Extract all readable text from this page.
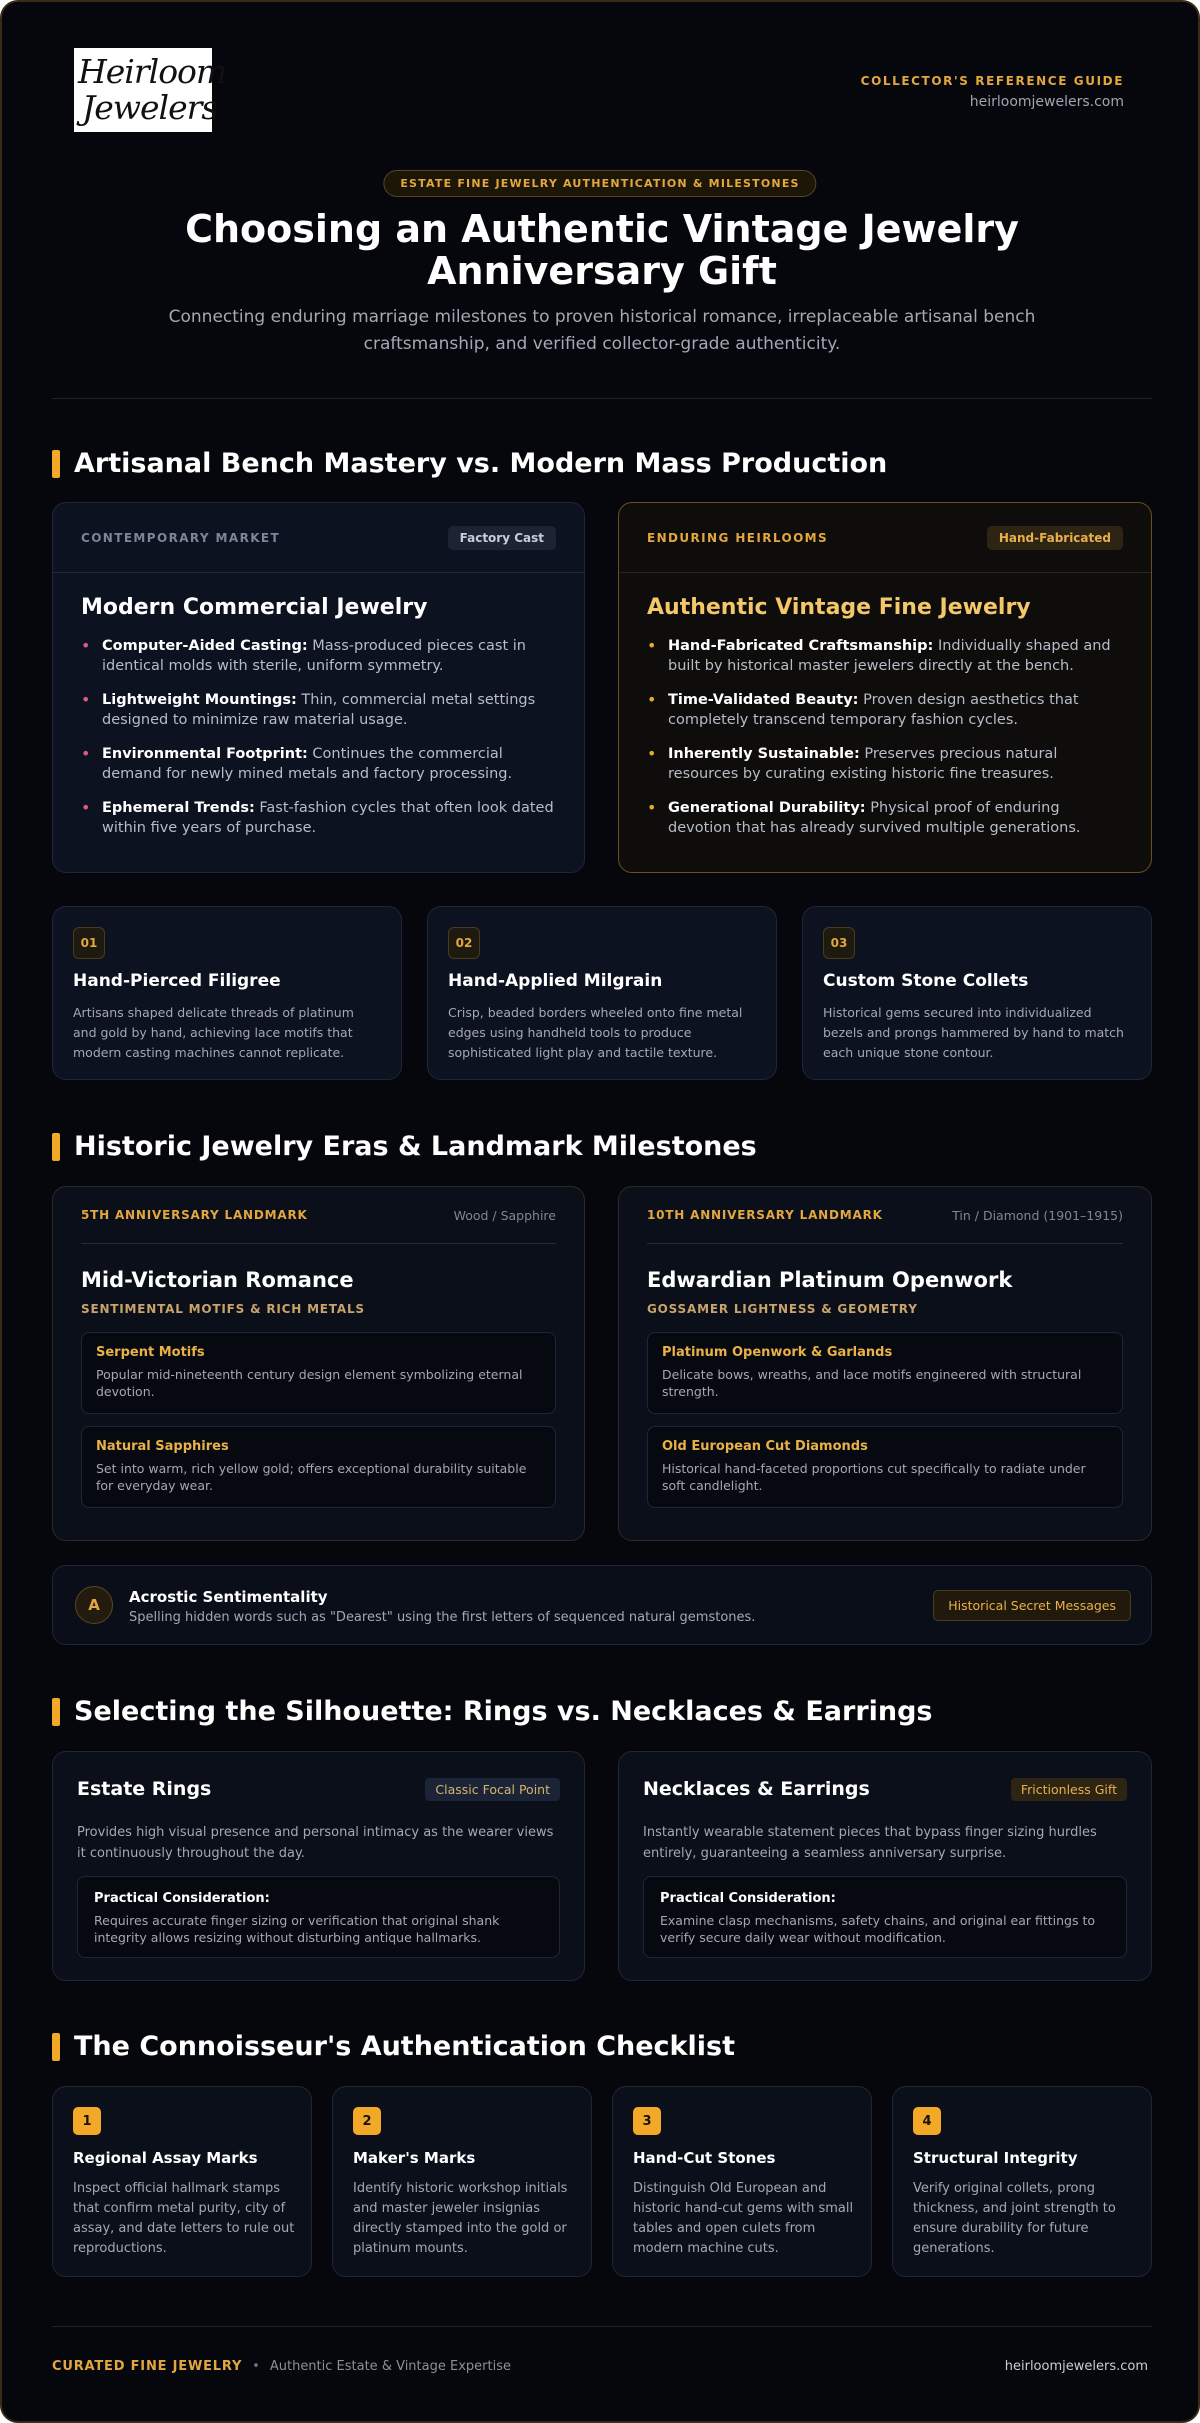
Heirloom
Jewelers
COLLECTOR'S REFERENCE GUIDE
heirloomjewelers.com
ESTATE FINE JEWELRY AUTHENTICATION & MILESTONES
Choosing an Authentic Vintage Jewelry Anniversary Gift
Connecting enduring marriage milestones to proven historical romance, irreplaceable artisanal bench craftsmanship, and verified collector-grade authenticity.
Artisanal Bench Mastery vs. Modern Mass Production
CONTEMPORARY MARKET	Factory Cast
Modern Commercial Jewelry
• Computer-Aided Casting: Mass-produced pieces cast in identical molds with sterile, uniform symmetry.
• Lightweight Mountings: Thin, commercial metal settings designed to minimize raw material usage.
• Environmental Footprint: Continues the commercial demand for newly mined metals and factory processing.
• Ephemeral Trends: Fast-fashion cycles that often look dated within five years of purchase.
ENDURING HEIRLOOMS	Hand-Fabricated
Authentic Vintage Fine Jewelry
• Hand-Fabricated Craftsmanship: Individually shaped and built by historical master jewelers directly at the bench.
• Time-Validated Beauty: Proven design aesthetics that completely transcend temporary fashion cycles.
• Inherently Sustainable: Preserves precious natural resources by curating existing historic fine treasures.
• Generational Durability: Physical proof of enduring devotion that has already survived multiple generations.
01
Hand-Pierced Filigree
Artisans shaped delicate threads of platinum and gold by hand, achieving lace motifs that modern casting machines cannot replicate.
02
Hand-Applied Milgrain
Crisp, beaded borders wheeled onto fine metal edges using handheld tools to produce sophisticated light play and tactile texture.
03
Custom Stone Collets
Historical gems secured into individualized bezels and prongs hammered by hand to match each unique stone contour.
Historic Jewelry Eras & Landmark Milestones
5TH ANNIVERSARY LANDMARK	Wood / Sapphire
Mid-Victorian Romance
SENTIMENTAL MOTIFS & RICH METALS
Serpent Motifs
Popular mid-nineteenth century design element symbolizing eternal devotion.
Natural Sapphires
Set into warm, rich yellow gold; offers exceptional durability suitable for everyday wear.
10TH ANNIVERSARY LANDMARK	Tin / Diamond (1901–1915)
Edwardian Platinum Openwork
GOSSAMER LIGHTNESS & GEOMETRY
Platinum Openwork & Garlands
Delicate bows, wreaths, and lace motifs engineered with structural strength.
Old European Cut Diamonds
Historical hand-faceted proportions cut specifically to radiate under soft candlelight.
A	Acrostic Sentimentality
Spelling hidden words such as "Dearest" using the first letters of sequenced natural gemstones.
Historical Secret Messages
Selecting the Silhouette: Rings vs. Necklaces & Earrings
Estate Rings	Classic Focal Point
Provides high visual presence and personal intimacy as the wearer views it continuously throughout the day.
Practical Consideration:
Requires accurate finger sizing or verification that original shank integrity allows resizing without disturbing antique hallmarks.
Necklaces & Earrings	Frictionless Gift
Instantly wearable statement pieces that bypass finger sizing hurdles entirely, guaranteeing a seamless anniversary surprise.
Practical Consideration:
Examine clasp mechanisms, safety chains, and original ear fittings to verify secure daily wear without modification.
The Connoisseur's Authentication Checklist
1
Regional Assay Marks
Inspect official hallmark stamps that confirm metal purity, city of assay, and date letters to rule out reproductions.
2
Maker's Marks
Identify historic workshop initials and master jeweler insignias directly stamped into the gold or platinum mounts.
3
Hand-Cut Stones
Distinguish Old European and historic hand-cut gems with small tables and open culets from modern machine cuts.
4
Structural Integrity
Verify original collets, prong thickness, and joint strength to ensure durability for future generations.
CURATED FINE JEWELRY • Authentic Estate & Vintage Expertise	heirloomjewelers.com
